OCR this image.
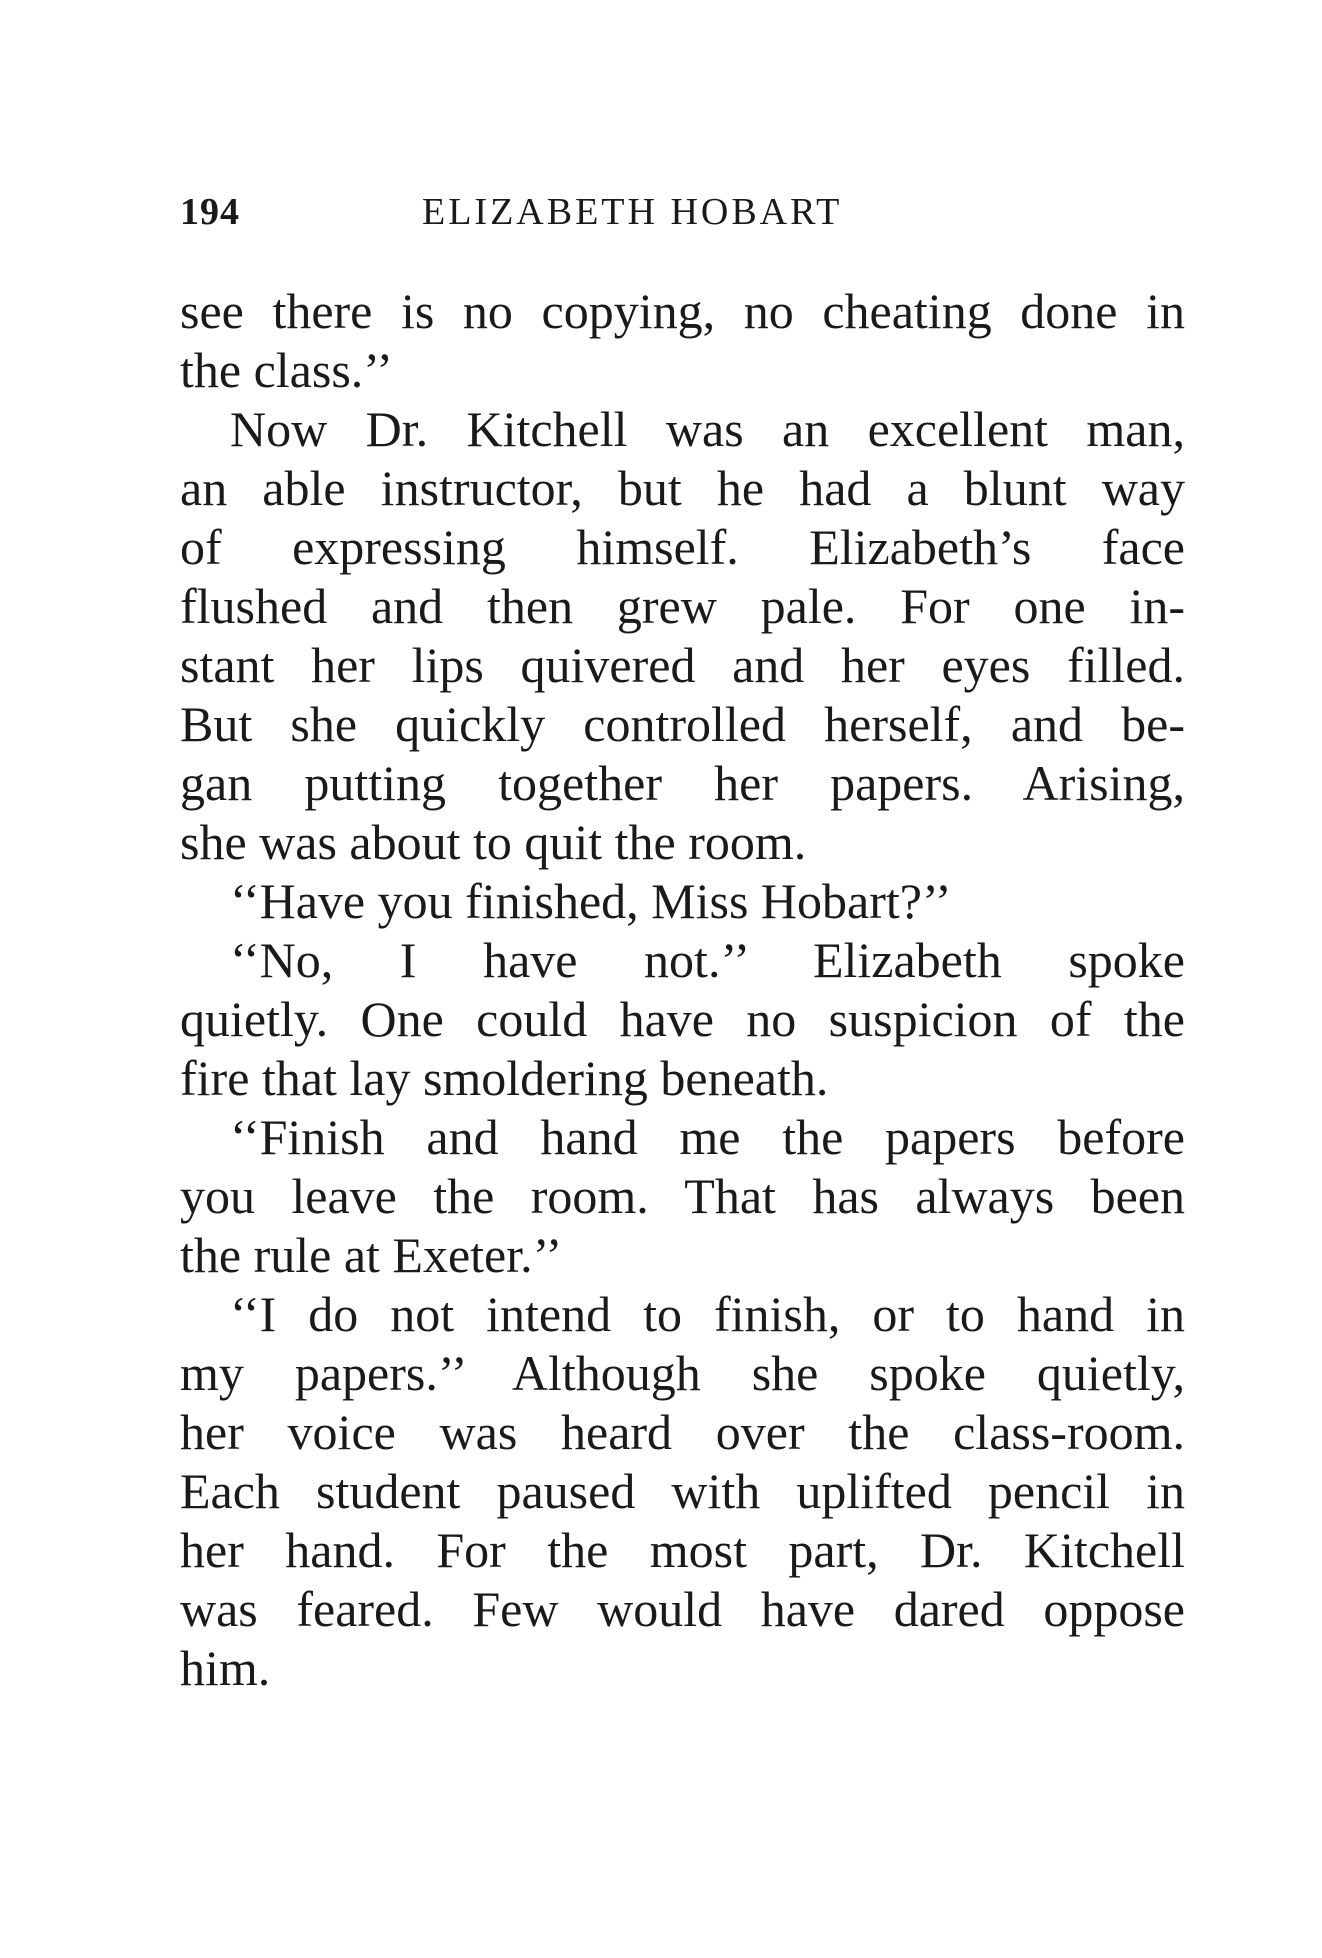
194	ELIZABETH HOBART
see there is no copying, no cheating done in
the class.’’
Now Dr. Kitchell was an excellent man,
an able instructor, but he had a blunt way
of expressing himself. Elizabeth’s face
flushed and then grew pale. For one in-
stant her lips quivered and her eyes filled.
But she quickly controlled herself, and be-
gan putting together her papers. Arising,
she was about to quit the room.
‘‘Have you finished, Miss Hobart?’’
‘‘No, I have not.’’ Elizabeth spoke
quietly. One could have no suspicion of the
fire that lay smoldering beneath.
‘‘Finish and hand me the papers before
you leave the room. That has always been
the rule at Exeter.’’
‘‘I do not intend to finish, or to hand in
my papers.’’ Although she spoke quietly,
her voice was heard over the class-room.
Each student paused with uplifted pencil in
her hand. For the most part, Dr. Kitchell
was feared. Few would have dared oppose
him.
